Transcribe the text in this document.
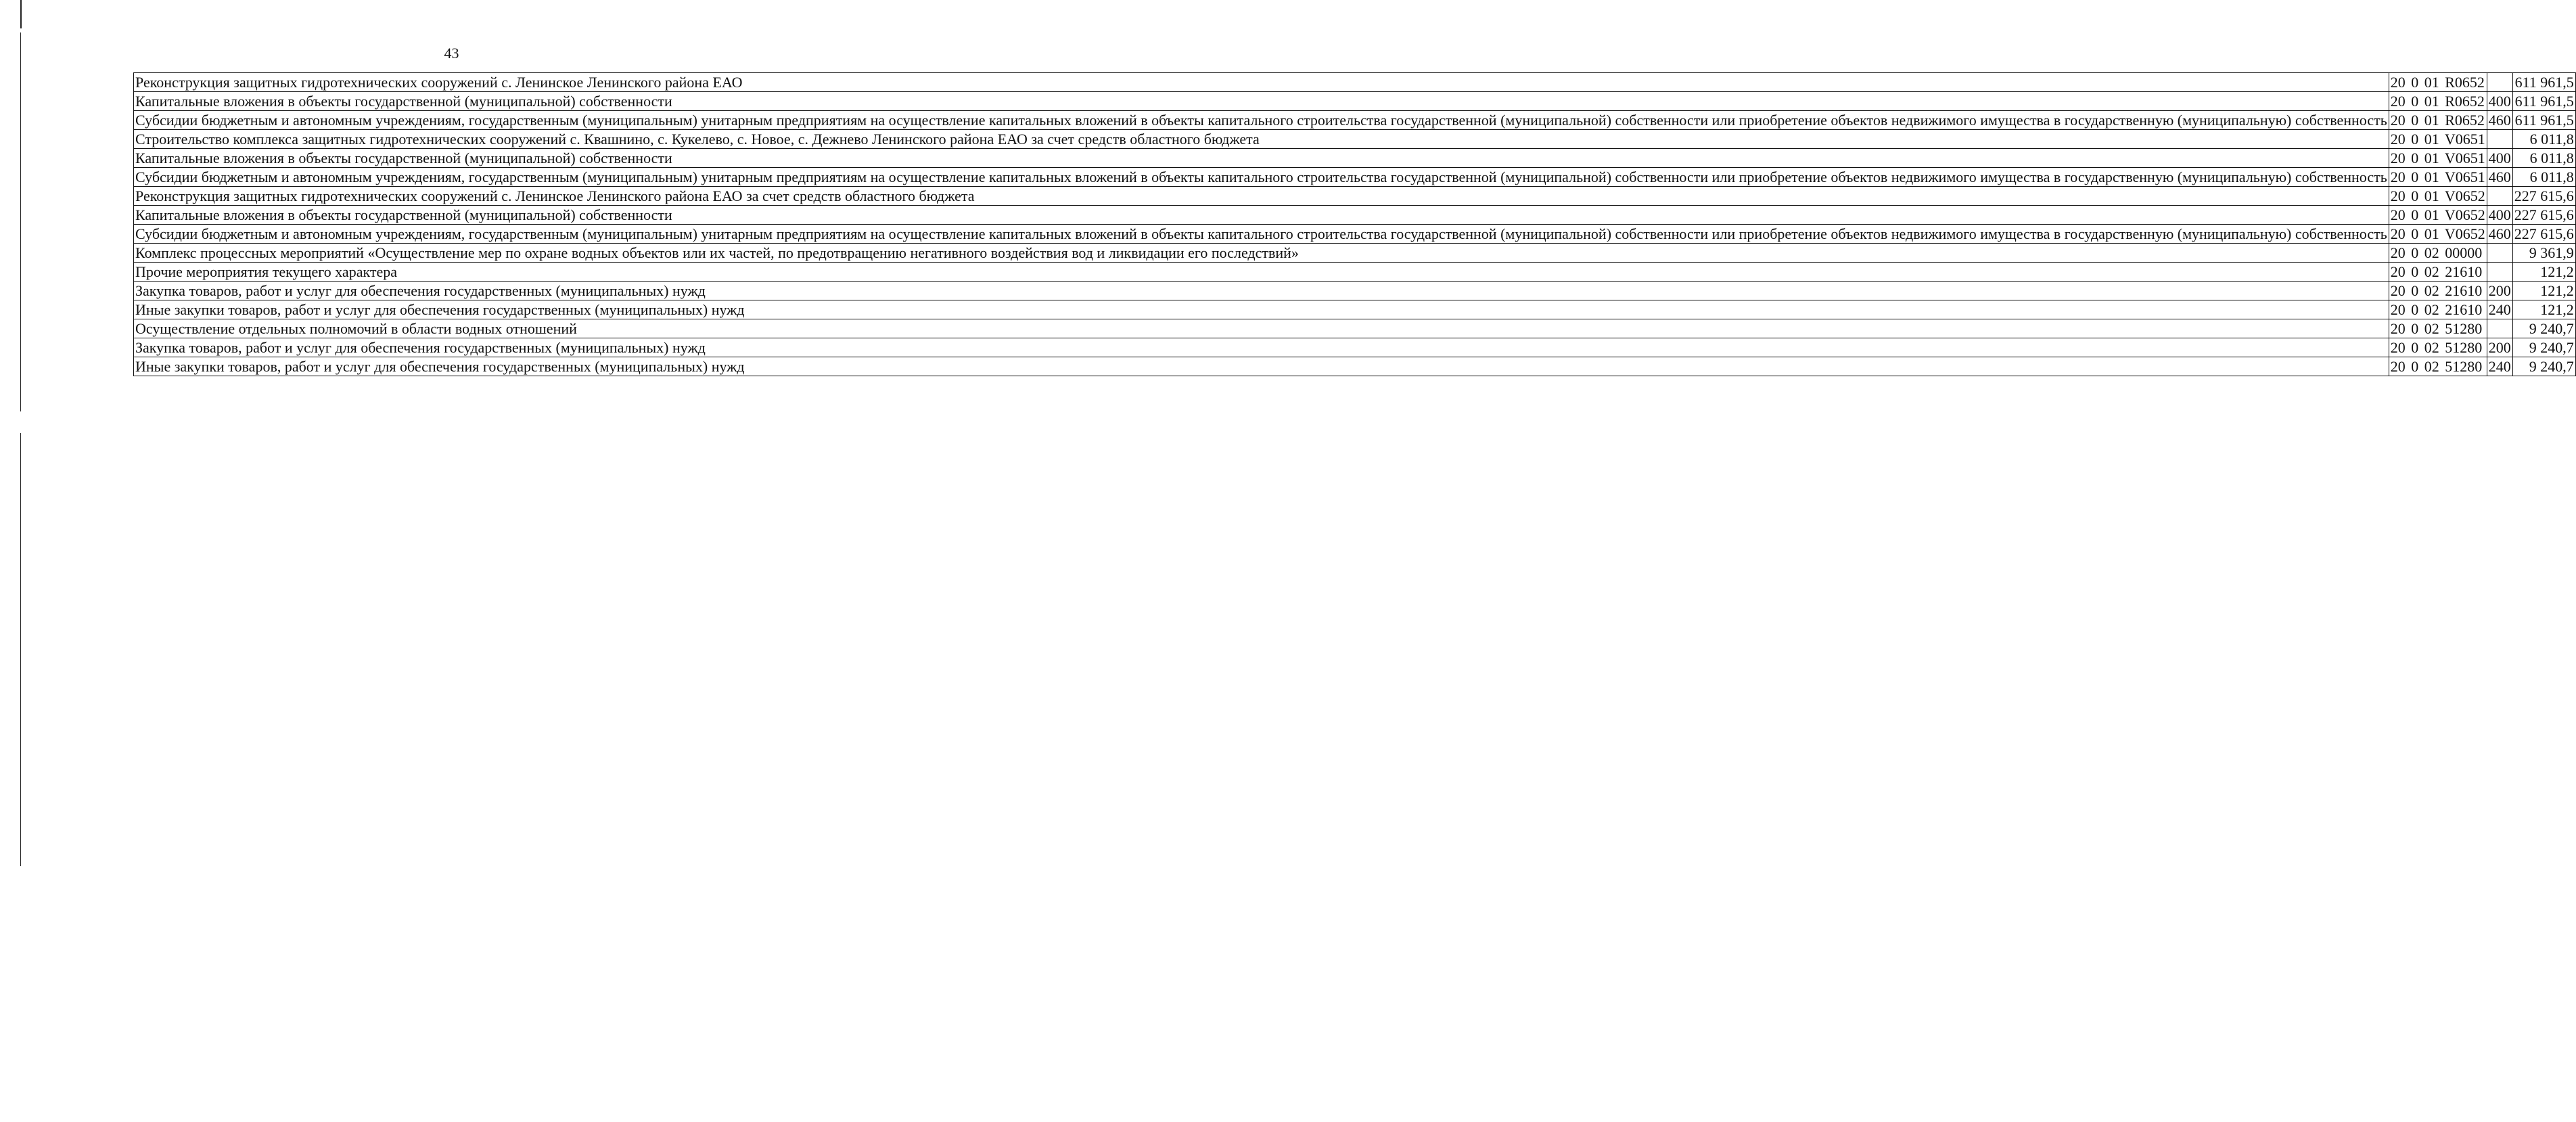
43
Реконструкция защитных гидротехнических сооружений с. Ленинское Ленинского района ЕАО	20 0 01 R0652		611 961,5
Капитальные вложения в объекты государственной (муниципальной) собственности	20 0 01 R0652	400	611 961,5
Субсидии бюджетным и автономным учреждениям, государственным (муниципальным) унитарным предприятиям на осуществление капитальных вложений в объекты капитального строительства государственной (муниципальной) собственности или приобретение объектов недвижимого имущества в государственную (муниципальную) собственность	20 0 01 R0652	460	611 961,5
Строительство комплекса защитных гидротехнических сооружений с. Квашнино, с. Кукелево, с. Новое, с. Дежнево Ленинского района ЕАО за счет средств областного бюджета	20 0 01 V0651		6 011,8
Капитальные вложения в объекты государственной (муниципальной) собственности	20 0 01 V0651	400	6 011,8
Субсидии бюджетным и автономным учреждениям, государственным (муниципальным) унитарным предприятиям на осуществление капитальных вложений в объекты капитального строительства государственной (муниципальной) собственности или приобретение объектов недвижимого имущества в государственную (муниципальную) собственность	20 0 01 V0651	460	6 011,8
Реконструкция защитных гидротехнических сооружений с. Ленинское Ленинского района ЕАО за счет средств областного бюджета	20 0 01 V0652		227 615,6
Капитальные вложения в объекты государственной (муниципальной) собственности	20 0 01 V0652	400	227 615,6
Субсидии бюджетным и автономным учреждениям, государственным (муниципальным) унитарным предприятиям на осуществление капитальных вложений в объекты капитального строительства государственной (муниципальной) собственности или приобретение объектов недвижимого имущества в государственную (муниципальную) собственность	20 0 01 V0652	460	227 615,6
Комплекс процессных мероприятий «Осуществление мер по охране водных объектов или их частей, по предотвращению негативного воздействия вод и ликвидации его последствий»	20 0 02 00000		9 361,9
Прочие мероприятия текущего характера	20 0 02 21610		121,2
Закупка товаров, работ и услуг для обеспечения государственных (муниципальных) нужд	20 0 02 21610	200	121,2
Иные закупки товаров, работ и услуг для обеспечения государственных (муниципальных) нужд	20 0 02 21610	240	121,2
Осуществление отдельных полномочий в области водных отношений	20 0 02 51280		9 240,7
Закупка товаров, работ и услуг для обеспечения государственных (муниципальных) нужд	20 0 02 51280	200	9 240,7
Иные закупки товаров, работ и услуг для обеспечения государственных (муниципальных) нужд	20 0 02 51280	240	9 240,7
